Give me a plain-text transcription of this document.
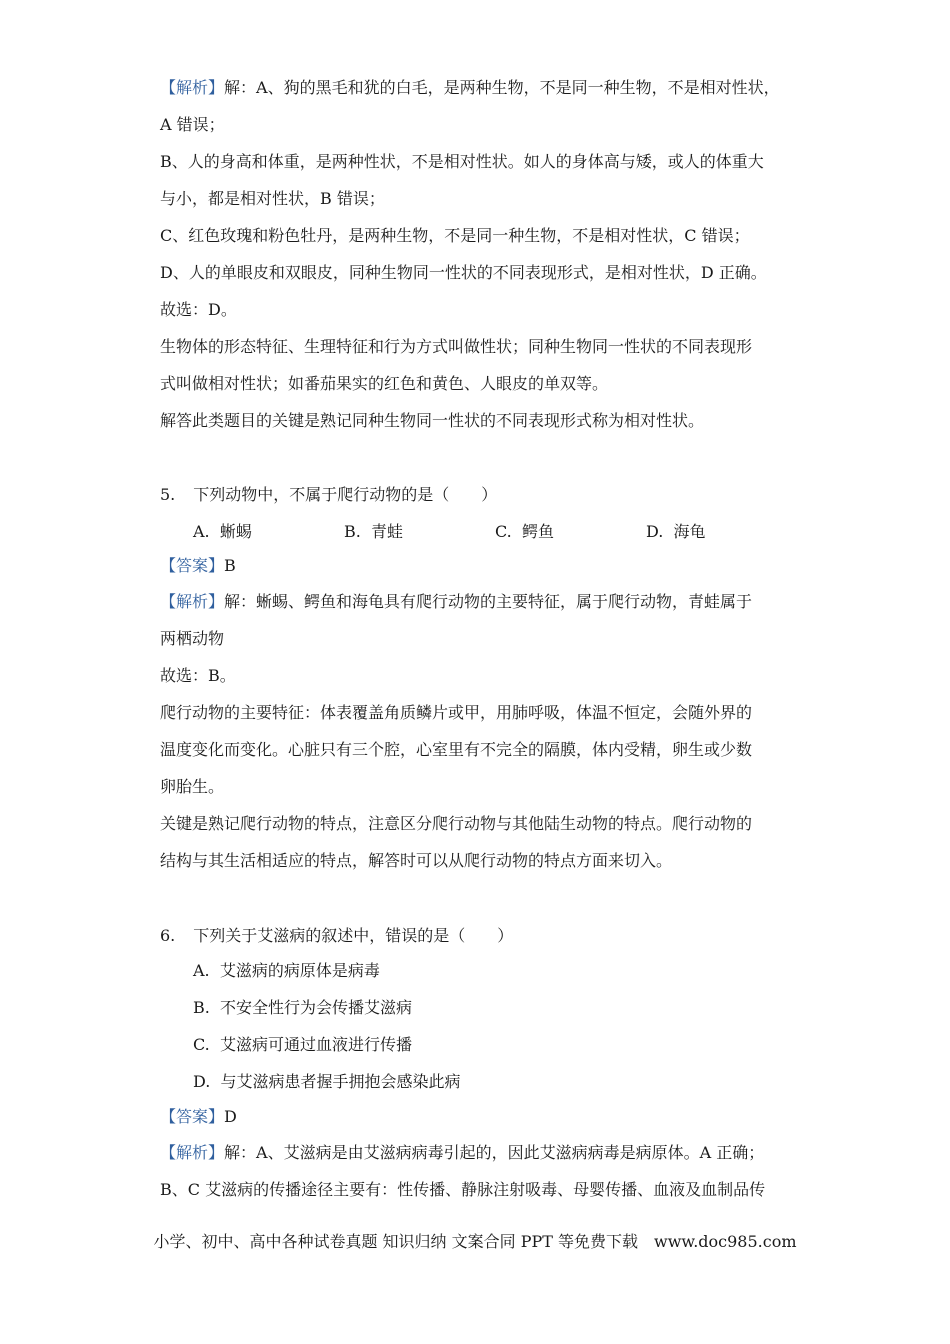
【解析】解：A、狗的黑毛和犹的白毛，是两种生物，不是同一种生物，不是相对性状，
A 错误；
B、人的身高和体重，是两种性状，不是相对性状。如人的身体高与矮，或人的体重大
与小，都是相对性状，B 错误；
C、红色玫瑰和粉色牡丹，是两种生物，不是同一种生物，不是相对性状，C 错误；
D、人的单眼皮和双眼皮，同种生物同一性状的不同表现形式，是相对性状，D 正确。
故选：D。
生物体的形态特征、生理特征和行为方式叫做性状；同种生物同一性状的不同表现形
式叫做相对性状；如番茄果实的红色和黄色、人眼皮的单双等。
解答此类题目的关键是熟记同种生物同一性状的不同表现形式称为相对性状。
5. 下列动物中，不属于爬行动物的是（　　）
A. 蜥蜴	B. 青蛙	C. 鳄鱼	D. 海龟
【答案】B
【解析】解：蜥蜴、鳄鱼和海龟具有爬行动物的主要特征，属于爬行动物，青蛙属于
两栖动物
故选：B。
爬行动物的主要特征：体表覆盖角质鳞片或甲，用肺呼吸，体温不恒定，会随外界的
温度变化而变化。心脏只有三个腔，心室里有不完全的隔膜，体内受精，卵生或少数
卵胎生。
关键是熟记爬行动物的特点，注意区分爬行动物与其他陆生动物的特点。爬行动物的
结构与其生活相适应的特点，解答时可以从爬行动物的特点方面来切入。
6. 下列关于艾滋病的叙述中，错误的是（　　）
A. 艾滋病的病原体是病毒
B. 不安全性行为会传播艾滋病
C. 艾滋病可通过血液进行传播
D. 与艾滋病患者握手拥抱会感染此病
【答案】D
【解析】解：A、艾滋病是由艾滋病病毒引起的，因此艾滋病病毒是病原体。A 正确；
B、C 艾滋病的传播途径主要有：性传播、静脉注射吸毒、母婴传播、血液及血制品传
小学、初中、高中各种试卷真题 知识归纳 文案合同 PPT 等免费下载　www.doc985.com
